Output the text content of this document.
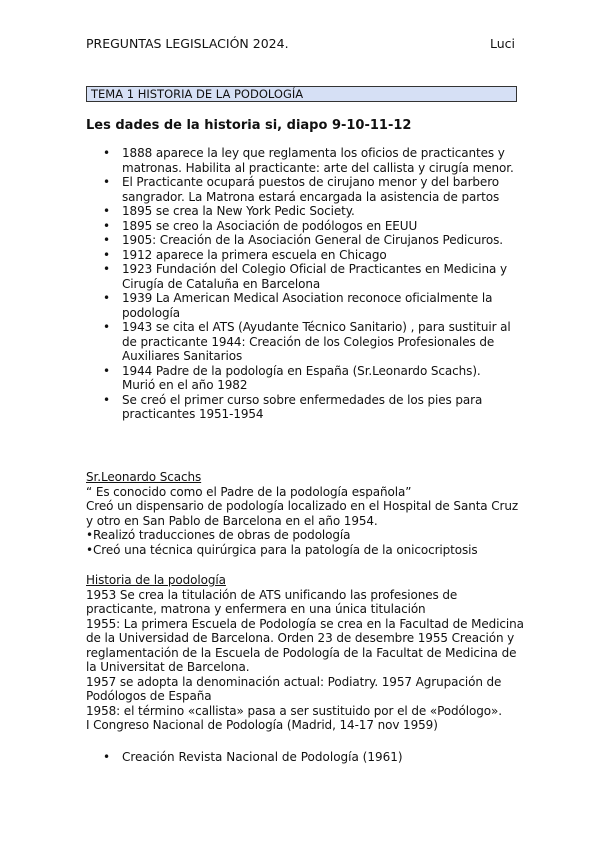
PREGUNTAS LEGISLACIÓN 2024.	Luci
TEMA 1 HISTORIA DE LA PODOLOGÍA
Les dades de la historia si, diapo 9-10-11-12
• 1888 aparece la ley que reglamenta los oficios de practicantes y matronas. Habilita al practicante: arte del callista y cirugía menor.
• El Practicante ocupará puestos de cirujano menor y del barbero sangrador. La Matrona estará encargada la asistencia de partos
• 1895 se crea la New York Pedic Society.
• 1895 se creo la Asociación de podólogos en EEUU
• 1905: Creación de la Asociación General de Cirujanos Pedicuros.
• 1912 aparece la primera escuela en Chicago
• 1923 Fundación del Colegio Oficial de Practicantes en Medicina y Cirugía de Cataluña en Barcelona
• 1939 La American Medical Asociation reconoce oficialmente la podología
• 1943 se cita el ATS (Ayudante Técnico Sanitario) , para sustituir al de practicante 1944: Creación de los Colegios Profesionales de Auxiliares Sanitarios
• 1944 Padre de la podología en España (Sr.Leonardo Scachs). Murió en el año 1982
• Se creó el primer curso sobre enfermedades de los pies para practicantes 1951-1954
Sr.Leonardo Scachs
“ Es conocido como el Padre de la podología española”
Creó un dispensario de podología localizado en el Hospital de Santa Cruz y otro en San Pablo de Barcelona en el año 1954.
•Realizó traducciones de obras de podología
•Creó una técnica quirúrgica para la patología de la onicocriptosis
Historia de la podología
1953 Se crea la titulación de ATS unificando las profesiones de practicante, matrona y enfermera en una única titulación
1955: La primera Escuela de Podología se crea en la Facultad de Medicina de la Universidad de Barcelona. Orden 23 de desembre 1955 Creación y reglamentación de la Escuela de Podología de la Facultat de Medicina de la Universitat de Barcelona.
1957 se adopta la denominación actual: Podiatry. 1957 Agrupación de Podólogos de España
1958: el término «callista» pasa a ser sustituido por el de «Podólogo».
I Congreso Nacional de Podología (Madrid, 14-17 nov 1959)
• Creación Revista Nacional de Podología (1961)
